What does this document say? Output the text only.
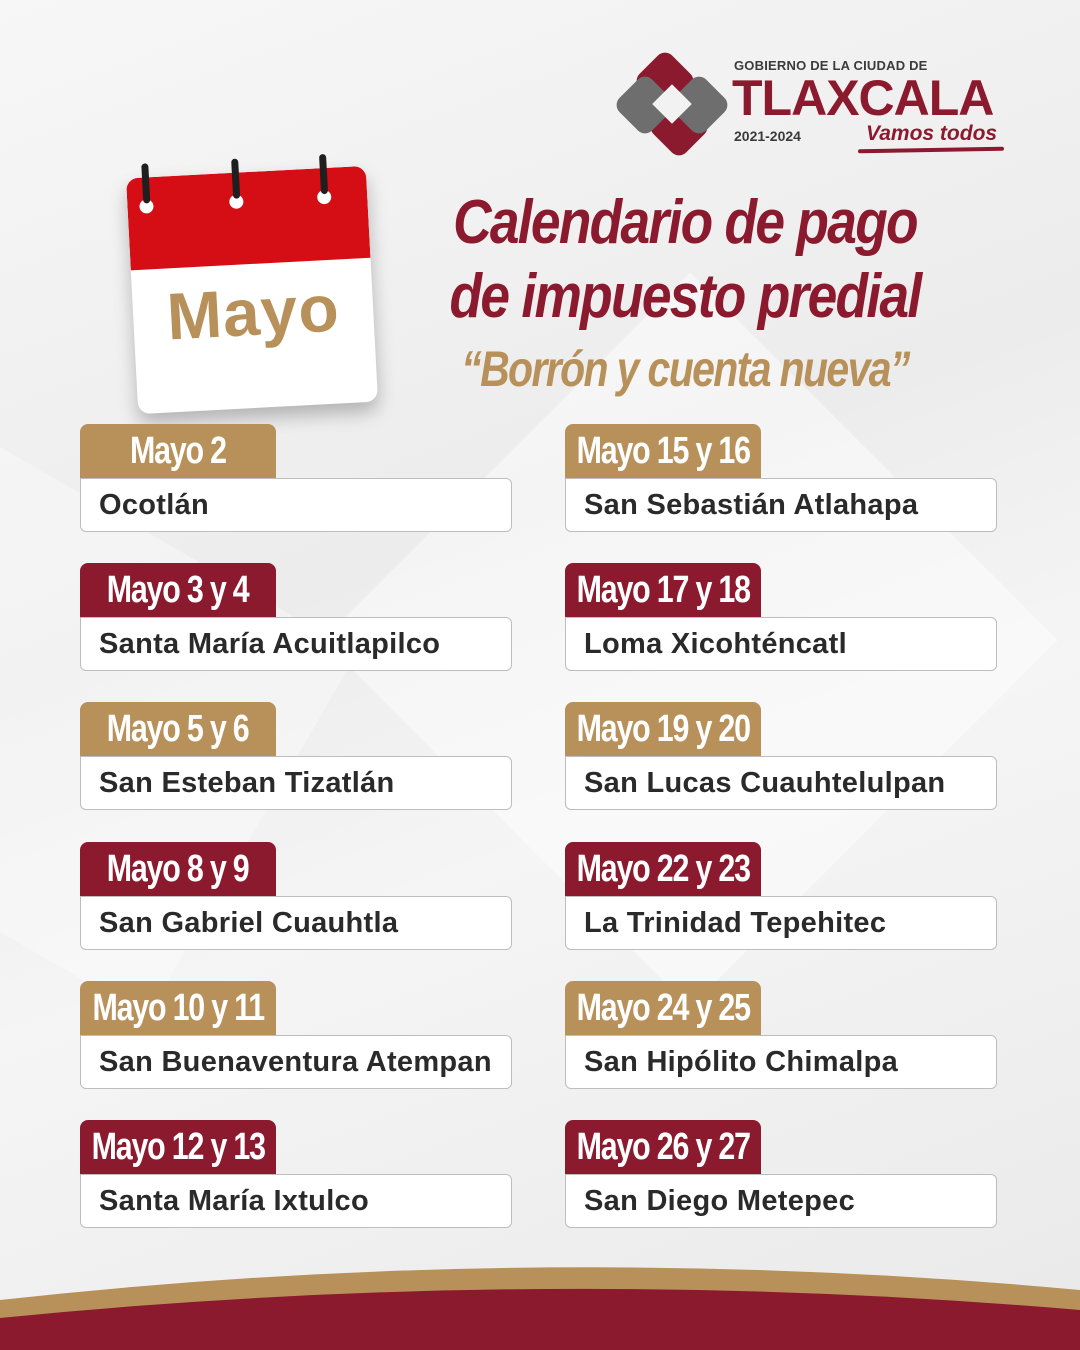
GOBIERNO DE LA CIUDAD DE
TLAXCALA
2021-2024	Vamos todos
Mayo
Calendario de pago
de impuesto predial
“Borrón y cuenta nueva”
Mayo 2
Ocotlán
Mayo 3 y 4
Santa María Acuitlapilco
Mayo 5 y 6
San Esteban Tizatlán
Mayo 8 y 9
San Gabriel Cuauhtla
Mayo 10 y 11
San Buenaventura Atempan
Mayo 12 y 13
Santa María Ixtulco
Mayo 15 y 16
San Sebastián Atlahapa
Mayo 17 y 18
Loma Xicohténcatl
Mayo 19 y 20
San Lucas Cuauhtelulpan
Mayo 22 y 23
La Trinidad Tepehitec
Mayo 24 y 25
San Hipólito Chimalpa
Mayo 26 y 27
San Diego Metepec
